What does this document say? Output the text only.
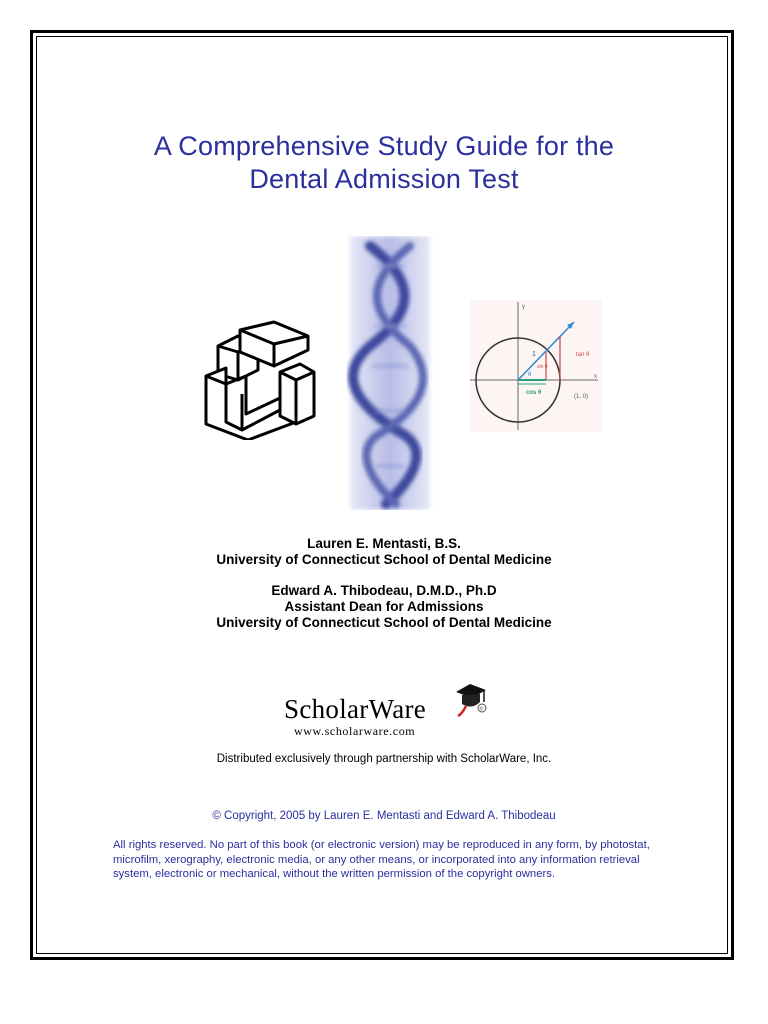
A Comprehensive Study Guide for the
Dental Admission Test
y
x
1
θ
sin θ
tan θ
cos θ
(1, 0)
Lauren E. Mentasti, B.S.
University of Connecticut School of Dental Medicine
Edward A. Thibodeau, D.M.D., Ph.D
Assistant Dean for Admissions
University of Connecticut School of Dental Medicine
ScholarWare	®
www.scholarware.com
Distributed exclusively through partnership with ScholarWare, Inc.
© Copyright, 2005 by Lauren E. Mentasti and Edward A. Thibodeau
All rights reserved. No part of this book (or electronic version) may be reproduced in any form, by photostat, microfilm, xerography, electronic media, or any other means, or incorporated into any information retrieval system, electronic or mechanical, without the written permission of the copyright owners.
